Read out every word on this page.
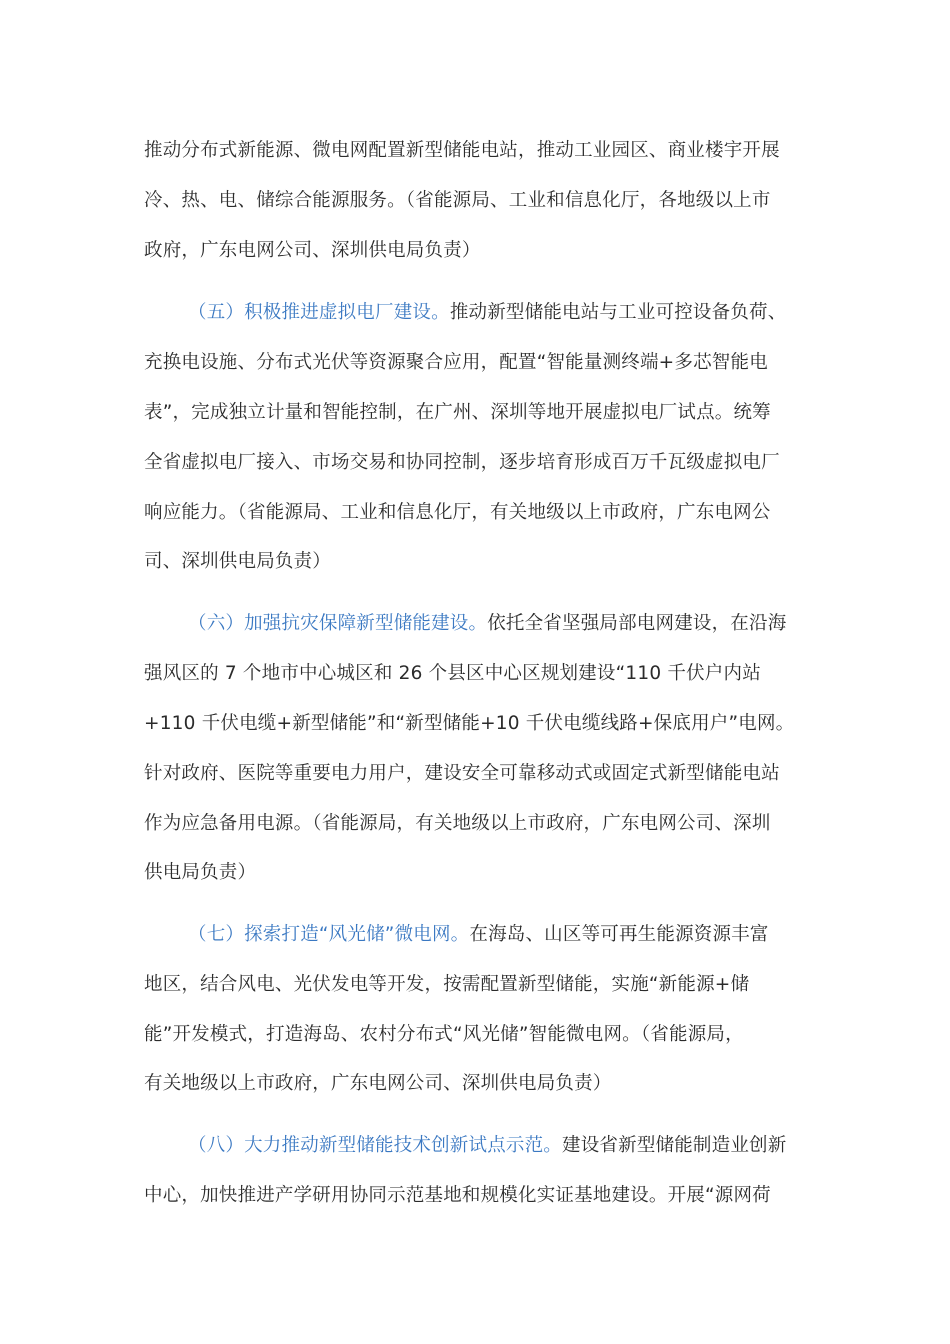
推动分布式新能源、微电网配置新型储能电站，推动工业园区、商业楼宇开展
冷、热、电、储综合能源服务。（省能源局、工业和信息化厅，各地级以上市
政府，广东电网公司、深圳供电局负责）
（五）积极推进虚拟电厂建设。推动新型储能电站与工业可控设备负荷、
充换电设施、分布式光伏等资源聚合应用，配置“智能量测终端+多芯智能电
表”，完成独立计量和智能控制，在广州、深圳等地开展虚拟电厂试点。统筹
全省虚拟电厂接入、市场交易和协同控制，逐步培育形成百万千瓦级虚拟电厂
响应能力。（省能源局、工业和信息化厅，有关地级以上市政府，广东电网公
司、深圳供电局负责）
（六）加强抗灾保障新型储能建设。依托全省坚强局部电网建设，在沿海
强风区的 7 个地市中心城区和 26 个县区中心区规划建设“110 千伏户内站
+110 千伏电缆+新型储能”和“新型储能+10 千伏电缆线路+保底用户”电网。
针对政府、医院等重要电力用户，建设安全可靠移动式或固定式新型储能电站
作为应急备用电源。（省能源局，有关地级以上市政府，广东电网公司、深圳
供电局负责）
（七）探索打造“风光储”微电网。在海岛、山区等可再生能源资源丰富
地区，结合风电、光伏发电等开发，按需配置新型储能，实施“新能源+储
能”开发模式，打造海岛、农村分布式“风光储”智能微电网。（省能源局，
有关地级以上市政府，广东电网公司、深圳供电局负责）
（八）大力推动新型储能技术创新试点示范。建设省新型储能制造业创新
中心，加快推进产学研用协同示范基地和规模化实证基地建设。开展“源网荷
